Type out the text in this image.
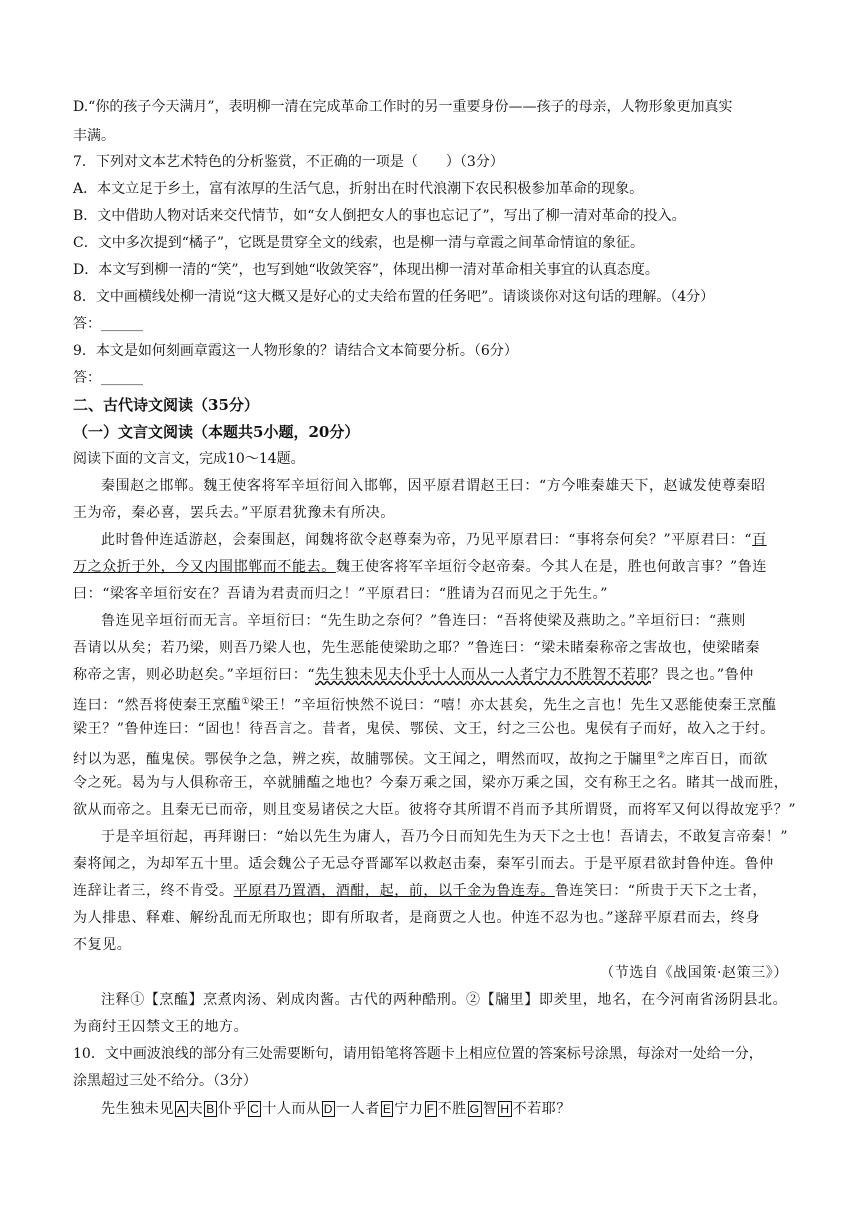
D.“你的孩子今天满月”，表明柳一清在完成革命工作时的另一重要身份——孩子的母亲，人物形象更加真实
丰满。
7．下列对文本艺术特色的分析鉴赏，不正确的一项是（　　）（3分）
A．本文立足于乡土，富有浓厚的生活气息，折射出在时代浪潮下农民积极参加革命的现象。
B．文中借助人物对话来交代情节，如“女人倒把女人的事也忘记了”，写出了柳一清对革命的投入。
C．文中多次提到“橘子”，它既是贯穿全文的线索，也是柳一清与章霞之间革命情谊的象征。
D．本文写到柳一清的“笑”，也写到她“收敛笑容”，体现出柳一清对革命相关事宜的认真态度。
8．文中画横线处柳一清说“这大概又是好心的丈夫给布置的任务吧”。请谈谈你对这句话的理解。（4分）
答：______
9．本文是如何刻画章霞这一人物形象的？请结合文本简要分析。（6分）
答：______
二、古代诗文阅读（35分）
（一）文言文阅读（本题共5小题，20分）
阅读下面的文言文，完成10～14题。
秦围赵之邯郸。魏王使客将军辛垣衍间入邯郸，因平原君谓赵王曰：“方今唯秦雄天下，赵诚发使尊秦昭
王为帝，秦必喜，罢兵去。”平原君犹豫未有所决。
此时鲁仲连适游赵，会秦围赵，闻魏将欲令赵尊秦为帝，乃见平原君曰：“事将奈何矣？”平原君曰：“百
万之众折于外，今又内围邯郸而不能去。魏王使客将军辛垣衍令赵帝秦。今其人在是，胜也何敢言事？”鲁连
曰：“梁客辛垣衍安在？吾请为君责而归之！”平原君曰：“胜请为召而见之于先生。”
鲁连见辛垣衍而无言。辛垣衍曰：“先生助之奈何？”鲁连曰：“吾将使梁及燕助之。”辛垣衍曰：“燕则
吾请以从矣；若乃梁，则吾乃梁人也，先生恶能使梁助之耶？”鲁连曰：“梁未睹秦称帝之害故也，使梁睹秦
称帝之害，则必助赵矣。”辛垣衍曰：“先生独未见夫仆乎十人而从一人者宁力不胜智不若耶？畏之也。”鲁仲
连曰：“然吾将使秦王烹醢①梁王！”辛垣衍怏然不说曰：“嘻！亦太甚矣，先生之言也！先生又恶能使秦王烹醢
梁王？”鲁仲连曰：“固也！待吾言之。昔者，鬼侯、鄂侯、文王，纣之三公也。鬼侯有子而好，故入之于纣。
纣以为恶，醢鬼侯。鄂侯争之急，辨之疾，故脯鄂侯。文王闻之，喟然而叹，故拘之于牖里②之库百日，而欲
令之死。曷为与人俱称帝王，卒就脯醢之地也？今秦万乘之国，梁亦万乘之国，交有称王之名。睹其一战而胜，
欲从而帝之。且秦无已而帝，则且变易诸侯之大臣。彼将夺其所谓不肖而予其所谓贤，而将军又何以得故宠乎？”
于是辛垣衍起，再拜谢曰：“始以先生为庸人，吾乃今日而知先生为天下之士也！吾请去，不敢复言帝秦！”
秦将闻之，为却军五十里。适会魏公子无忌夺晋鄙军以救赵击秦，秦军引而去。于是平原君欲封鲁仲连。鲁仲
连辞让者三，终不肯受。平原君乃置酒，酒酣，起，前，以千金为鲁连寿。鲁连笑曰：“所贵于天下之士者，
为人排患、释难、解纷乱而无所取也；即有所取者，是商贾之人也。仲连不忍为也。”遂辞平原君而去，终身
不复见。
（节选自《战国策·赵策三》）
注释①【烹醢】烹煮肉汤、剁成肉酱。古代的两种酷刑。②【牖里】即羑里，地名，在今河南省汤阴县北。
为商纣王囚禁文王的地方。
10．文中画波浪线的部分有三处需要断句，请用铅笔将答题卡上相应位置的答案标号涂黑，每涂对一处给一分，
涂黑超过三处不给分。（3分）
先生独未见 A 夫 B 仆乎 C 十人而从 D 一人者 E 宁力 F 不胜 G 智 H 不若耶？
